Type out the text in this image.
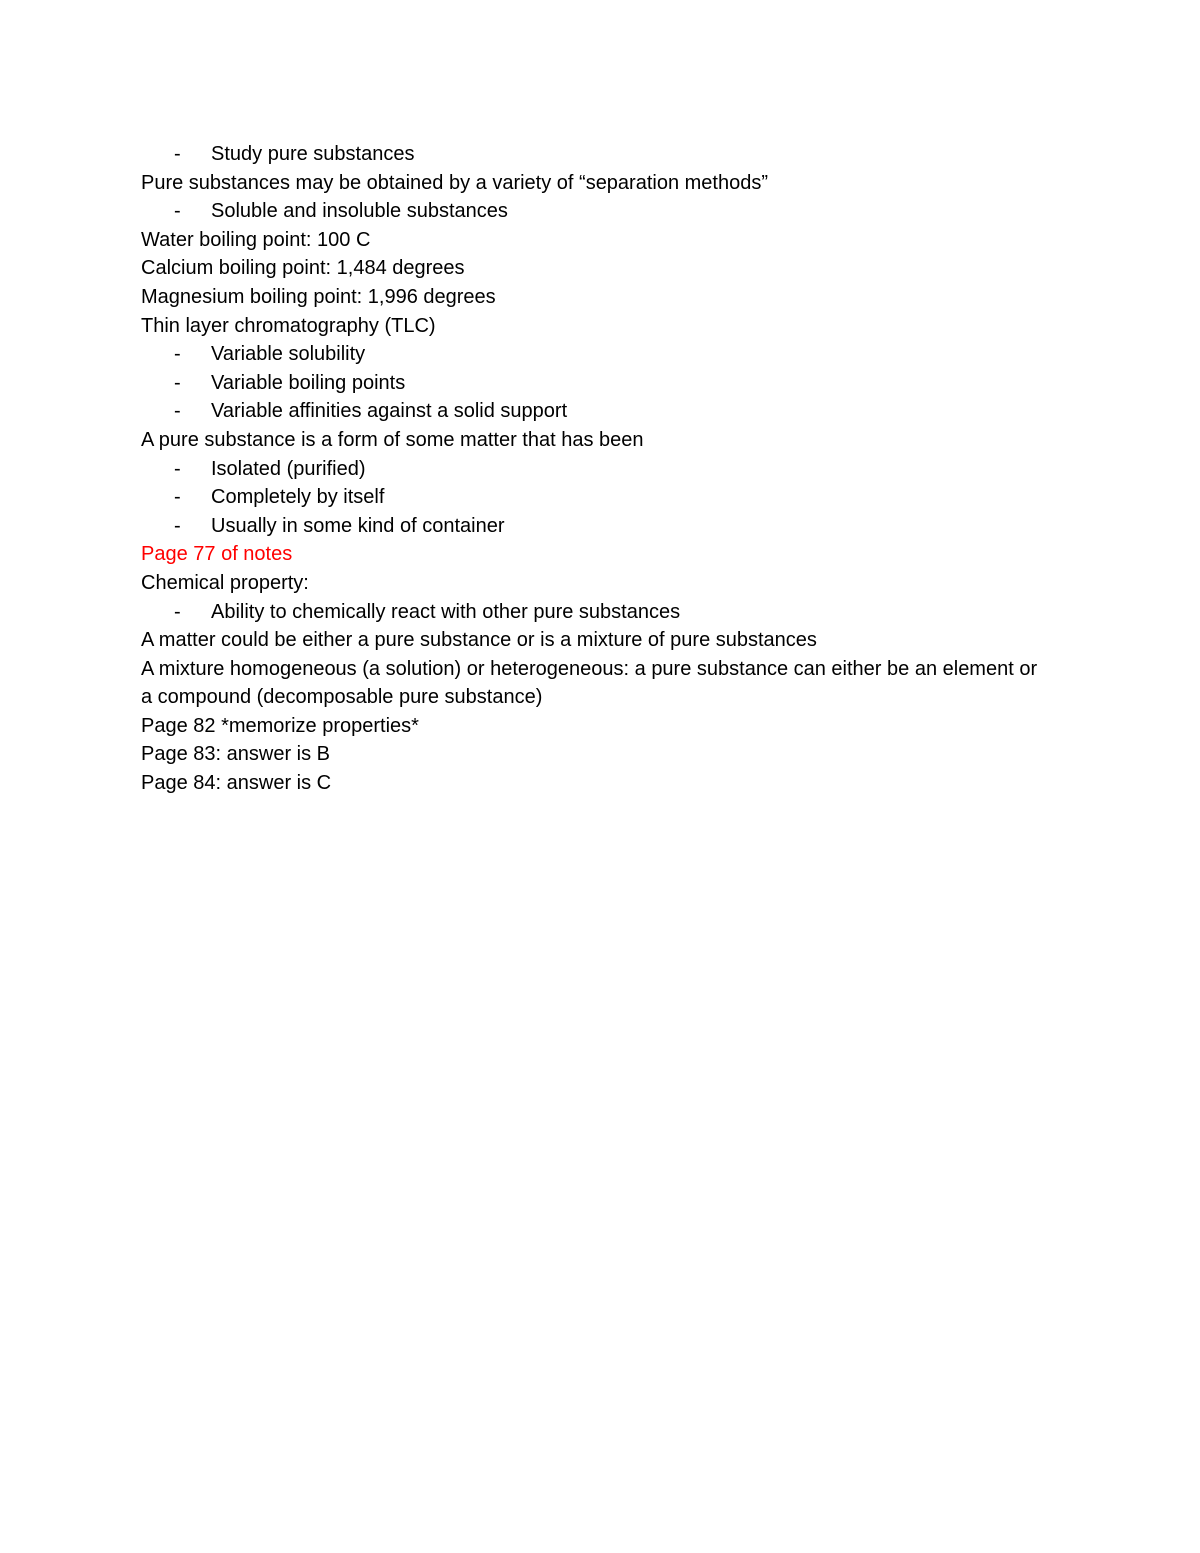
- Study pure substances

Pure substances may be obtained by a variety of “separation methods”

- Soluble and insoluble substances

Water boiling point: 100 C

Calcium boiling point: 1,484 degrees

Magnesium boiling point: 1,996 degrees

Thin layer chromatography (TLC)

- Variable solubility
- Variable boiling points
- Variable affinities against a solid support

A pure substance is a form of some matter that has been

- Isolated (purified)
- Completely by itself
- Usually in some kind of container

Page 77 of notes

Chemical property:

- Ability to chemically react with other pure substances

A matter could be either a pure substance or is a mixture of pure substances

A mixture homogeneous (a solution) or heterogeneous: a pure substance can either be an element or a compound (decomposable pure substance)

Page 82 *memorize properties*

Page 83: answer is B

Page 84: answer is C
